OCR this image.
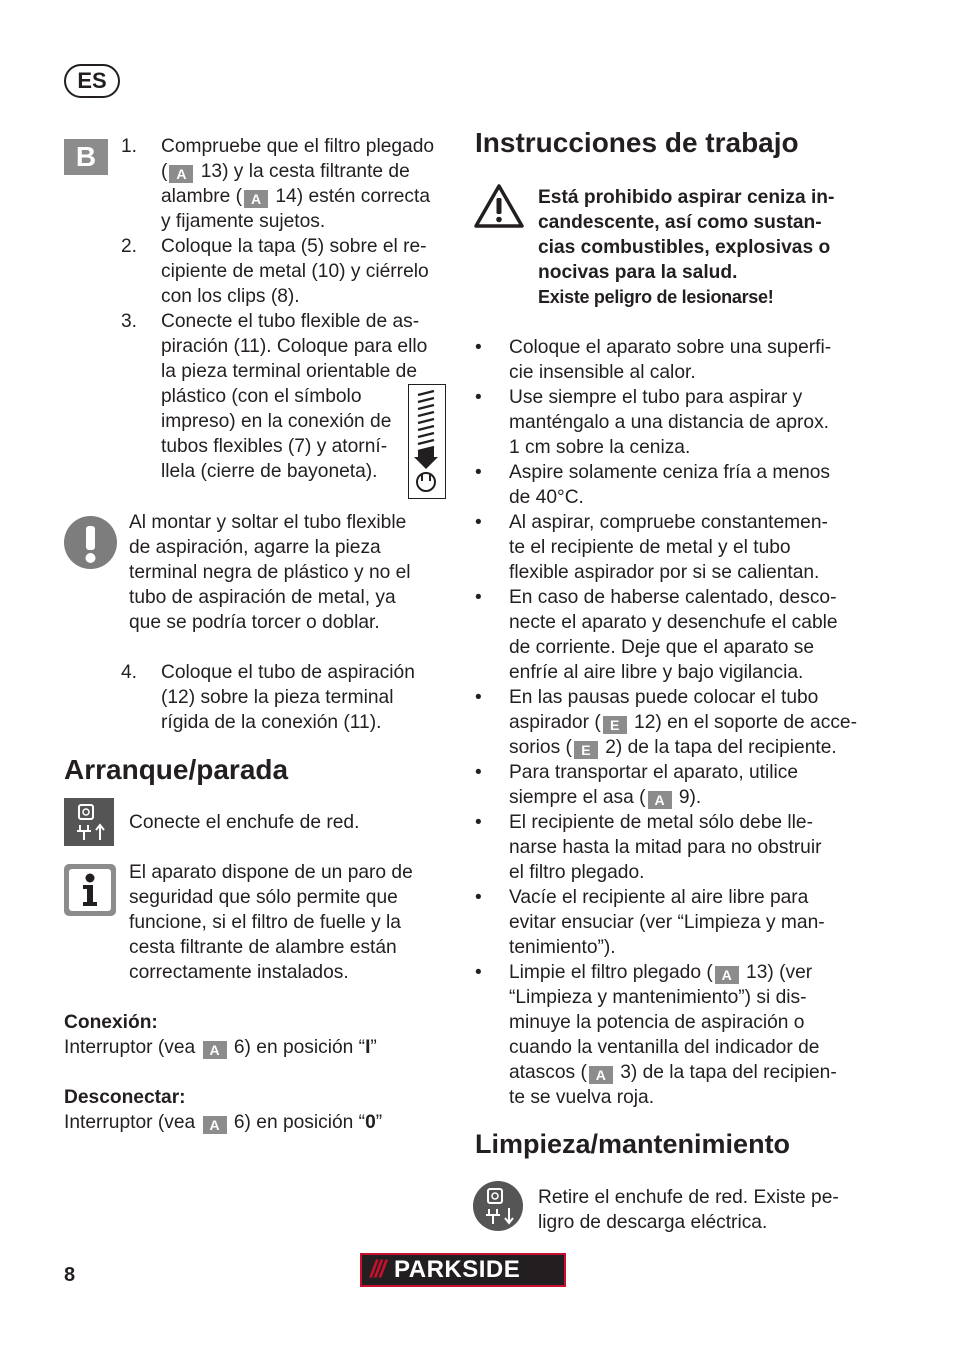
ES
B	1. Compruebe que el filtro plegado
( A 13) y la cesta filtrante de
alambre ( A 14) estén correcta
y fijamente sujetos.
2. Coloque la tapa (5) sobre el re-
cipiente de metal (10) y ciérrelo
con los clips (8).
3. Conecte el tubo flexible de as-
piración (11). Coloque para ello
la pieza terminal orientable de
plástico (con el símbolo
impreso) en la conexión de
tubos flexibles (7) y atorní-
llela (cierre de bayoneta).
Al montar y soltar el tubo flexible
de aspiración, agarre la pieza
terminal negra de plástico y no el
tubo de aspiración de metal, ya
que se podría torcer o doblar.
4. Coloque el tubo de aspiración
(12) sobre la pieza terminal
rígida de la conexión (11).
Arranque/parada
Conecte el enchufe de red.
El aparato dispone de un paro de
seguridad que sólo permite que
funcione, si el filtro de fuelle y la
cesta filtrante de alambre están
correctamente instalados.
Conexión:
Interruptor (vea A 6) en posición “I”
Desconectar:
Interruptor (vea A 6) en posición “0”
Instrucciones de trabajo
Está prohibido aspirar ceniza in-
candescente, así como sustan-
cias combustibles, explosivas o
nocivas para la salud.
Existe peligro de lesionarse!
• Coloque el aparato sobre una superfi-
cie insensible al calor.
• Use siempre el tubo para aspirar y
manténgalo a una distancia de aprox.
1 cm sobre la ceniza.
• Aspire solamente ceniza fría a menos
de 40°C.
• Al aspirar, compruebe constantemen-
te el recipiente de metal y el tubo
flexible aspirador por si se calientan.
• En caso de haberse calentado, desco-
necte el aparato y desenchufe el cable
de corriente. Deje que el aparato se
enfríe al aire libre y bajo vigilancia.
• En las pausas puede colocar el tubo
aspirador ( E 12) en el soporte de acce-
sorios ( E 2) de la tapa del recipiente.
• Para transportar el aparato, utilice
siempre el asa ( A 9).
• El recipiente de metal sólo debe lle-
narse hasta la mitad para no obstruir
el filtro plegado.
• Vacíe el recipiente al aire libre para
evitar ensuciar (ver “Limpieza y man-
tenimiento”).
• Limpie el filtro plegado ( A 13) (ver
“Limpieza y mantenimiento”) si dis-
minuye la potencia de aspiración o
cuando la ventanilla del indicador de
atascos ( A 3) de la tapa del recipien-
te se vuelva roja.
Limpieza/mantenimiento
Retire el enchufe de red. Existe pe-
ligro de descarga eléctrica.
8	/// PARKSIDE
